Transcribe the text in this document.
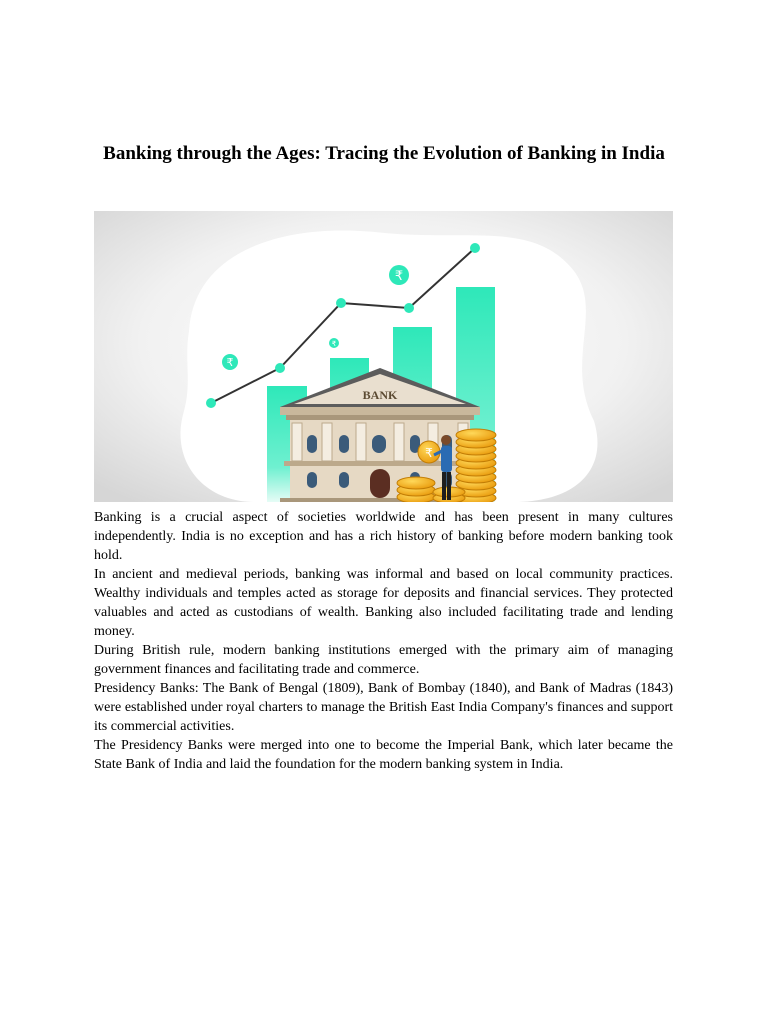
Banking through the Ages: Tracing the Evolution of Banking in India
₹
₹
₹
BANK
₹

Banking is a crucial aspect of societies worldwide and has been present in many cultures independently. India is no exception and has a rich history of banking before modern banking took hold.

In ancient and medieval periods, banking was informal and based on local community practices. Wealthy individuals and temples acted as storage for deposits and financial services. They protected valuables and acted as custodians of wealth. Banking also included facilitating trade and lending money.

During British rule, modern banking institutions emerged with the primary aim of managing government finances and facilitating trade and commerce.

Presidency Banks: The Bank of Bengal (1809), Bank of Bombay (1840), and Bank of Madras (1843) were established under royal charters to manage the British East India Company's finances and support its commercial activities.

The Presidency Banks were merged into one to become the Imperial Bank, which later became the State Bank of India and laid the foundation for the modern banking system in India.
